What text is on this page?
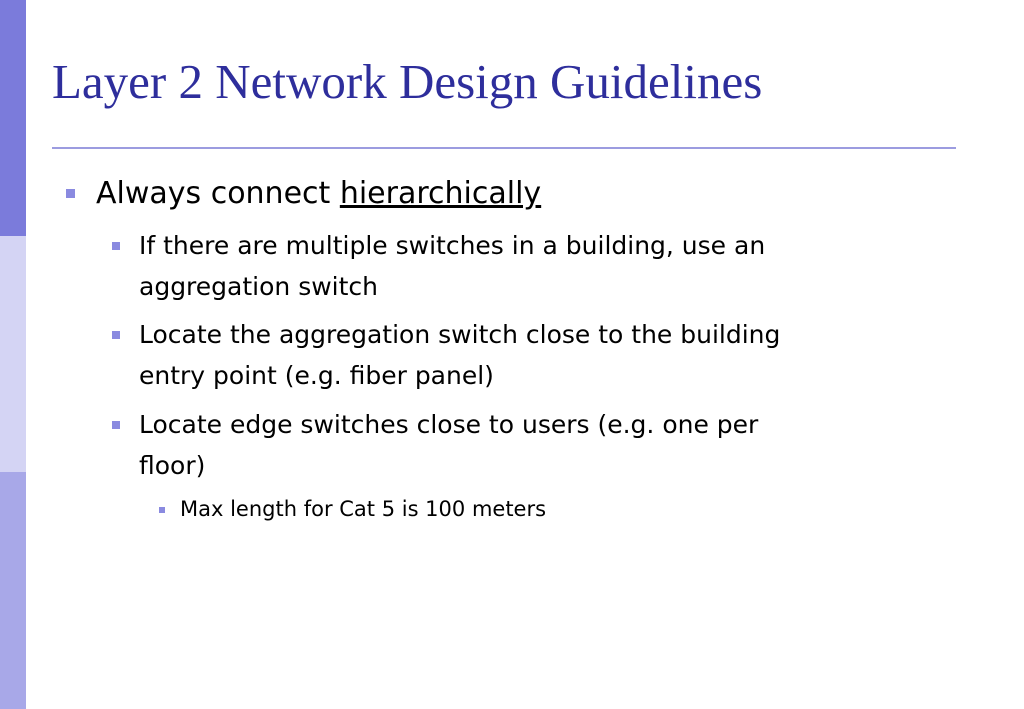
Layer 2 Network Design Guidelines
Always connect hierarchically
If there are multiple switches in a building, use an
aggregation switch
Locate the aggregation switch close to the building
entry point (e.g. fiber panel)
Locate edge switches close to users (e.g. one per
floor)
Max length for Cat 5 is 100 meters
